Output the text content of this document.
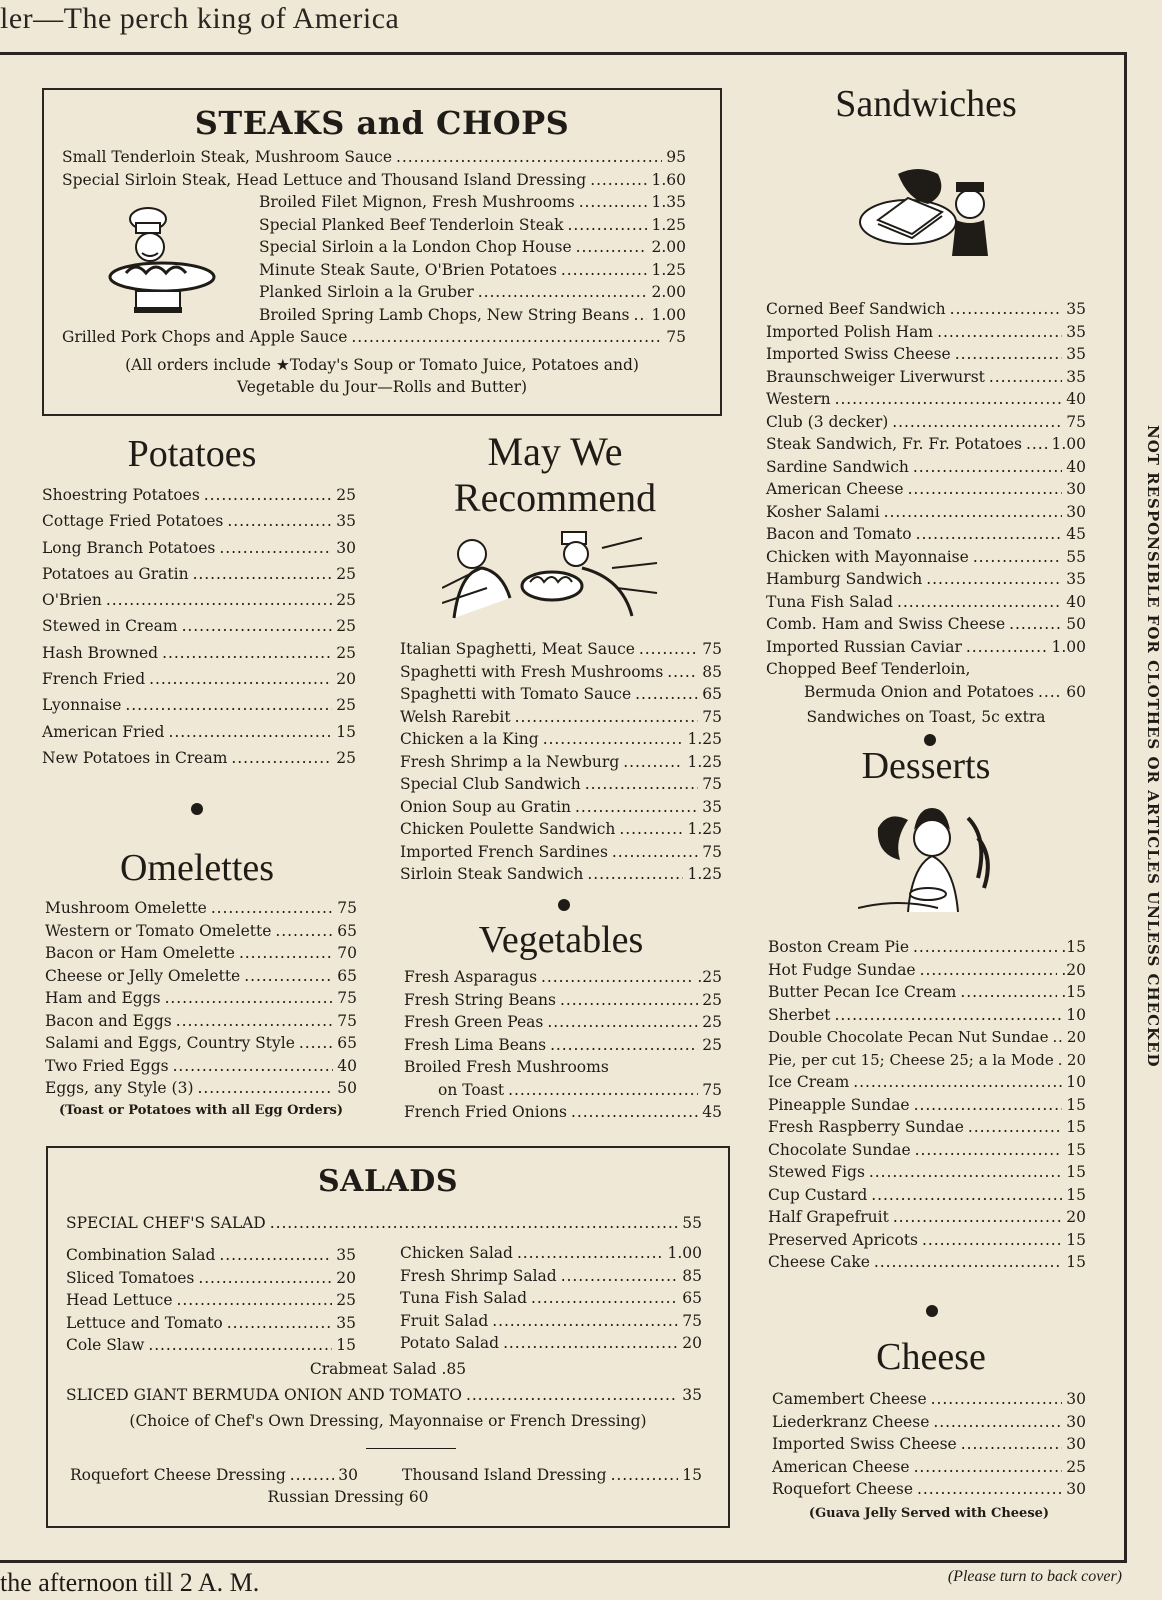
ler—The perch king of America
NOT RESPONSIBLE FOR CLOTHES OR ARTICLES UNLESS CHECKED
STEAKS and CHOPS
Small Tenderloin Steak, Mushroom Sauce . . .	95
Special Sirloin Steak, Head Lettuce and Thousand Island Dressing . . .	1.60
Broiled Filet Mignon, Fresh Mushrooms . . .	1.35
Special Planked Beef Tenderloin Steak . . .	1.25
Special Sirloin a la London Chop House . . .	2.00
Minute Steak Saute, O'Brien Potatoes . . .	1.25
Planked Sirloin a la Gruber . . .	2.00
Broiled Spring Lamb Chops, New String Beans . . . 1.00
Grilled Pork Chops and Apple Sauce . . .	75
(All orders include ★Today's Soup or Tomato Juice, Potatoes and)
Vegetable du Jour—Rolls and Butter)
Potatoes
Shoestring Potatoes . . .	25
Cottage Fried Potatoes . . .	35
Long Branch Potatoes . . .	30
Potatoes au Gratin . . .	25
O'Brien . . .	25
Stewed in Cream . . .	25
Hash Browned . . .	25
French Fried . . .	20
Lyonnaise . . .	25
American Fried . . .	15
New Potatoes in Cream . . .	25
Omelettes
Mushroom Omelette . . .	75
Western or Tomato Omelette . . .	65
Bacon or Ham Omelette . . .	70
Cheese or Jelly Omelette . . .	65
Ham and Eggs . . .	75
Bacon and Eggs . . .	75
Salami and Eggs, Country Style . . .	65
Two Fried Eggs . . .	40
Eggs, any Style (3) . . .	50
(Toast or Potatoes with all Egg Orders)
May We
Recommend
Italian Spaghetti, Meat Sauce . . .	75
Spaghetti with Fresh Mushrooms . . .	85
Spaghetti with Tomato Sauce . . .	65
Welsh Rarebit . . .	75
Chicken a la King . . .	1.25
Fresh Shrimp a la Newburg . . .	1.25
Special Club Sandwich . . .	75
Onion Soup au Gratin . . .	35
Chicken Poulette Sandwich . . .	1.25
Imported French Sardines . . .	75
Sirloin Steak Sandwich . . .	1.25
Vegetables
Fresh Asparagus . . .	.25
Fresh String Beans . . .	25
Fresh Green Peas . . .	25
Fresh Lima Beans . . .	25
Broiled Fresh Mushrooms
on Toast . . .	75
French Fried Onions . . .	45
SALADS
SPECIAL CHEF'S SALAD . . .	55
Combination Salad . . .	35
Sliced Tomatoes . . .	20
Head Lettuce . . .	25
Lettuce and Tomato . . .	35
Cole Slaw . . .	15
Chicken Salad . . .	1.00
Fresh Shrimp Salad . . .	85
Tuna Fish Salad . . .	65
Fruit Salad . . .	75
Potato Salad . . .	20
Crabmeat Salad .85
SLICED GIANT BERMUDA ONION AND TOMATO . . .	35
(Choice of Chef's Own Dressing, Mayonnaise or French Dressing)
Roquefort Cheese Dressing . . .	30	Thousand Island Dressing . . .	15
Russian Dressing 60
Sandwiches
Corned Beef Sandwich . . .	35
Imported Polish Ham . . .	35
Imported Swiss Cheese . . .	35
Braunschweiger Liverwurst . . .	35
Western . . .	40
Club (3 decker) . . .	75
Steak Sandwich, Fr. Fr. Potatoes . . . 1.00
Sardine Sandwich . . .	40
American Cheese . . .	30
Kosher Salami . . .	30
Bacon and Tomato . . .	45
Chicken with Mayonnaise . . .	55
Hamburg Sandwich . . .	35
Tuna Fish Salad . . .	40
Comb. Ham and Swiss Cheese . . .	50
Imported Russian Caviar . . .	1.00
Chopped Beef Tenderloin,
Bermuda Onion and Potatoes . . . 60
Sandwiches on Toast, 5c extra
Desserts
Boston Cream Pie . . .	.15
Hot Fudge Sundae . . .	.20
Butter Pecan Ice Cream . . .	.15
Sherbet . . .	10
Double Chocolate Pecan Nut Sundae . . . 20
Pie, per cut 15; Cheese 25; a la Mode . . . 20
Ice Cream . . .	10
Pineapple Sundae . . .	15
Fresh Raspberry Sundae . . .	15
Chocolate Sundae . . .	15
Stewed Figs . . .	15
Cup Custard . . .	15
Half Grapefruit . . .	20
Preserved Apricots . . .	15
Cheese Cake . . .	15
Cheese
Camembert Cheese . . .	30
Liederkranz Cheese . . .	30
Imported Swiss Cheese . . .	30
American Cheese . . .	25
Roquefort Cheese . . .	30
(Guava Jelly Served with Cheese)
the afternoon till 2 A. M.	(Please turn to back cover)
